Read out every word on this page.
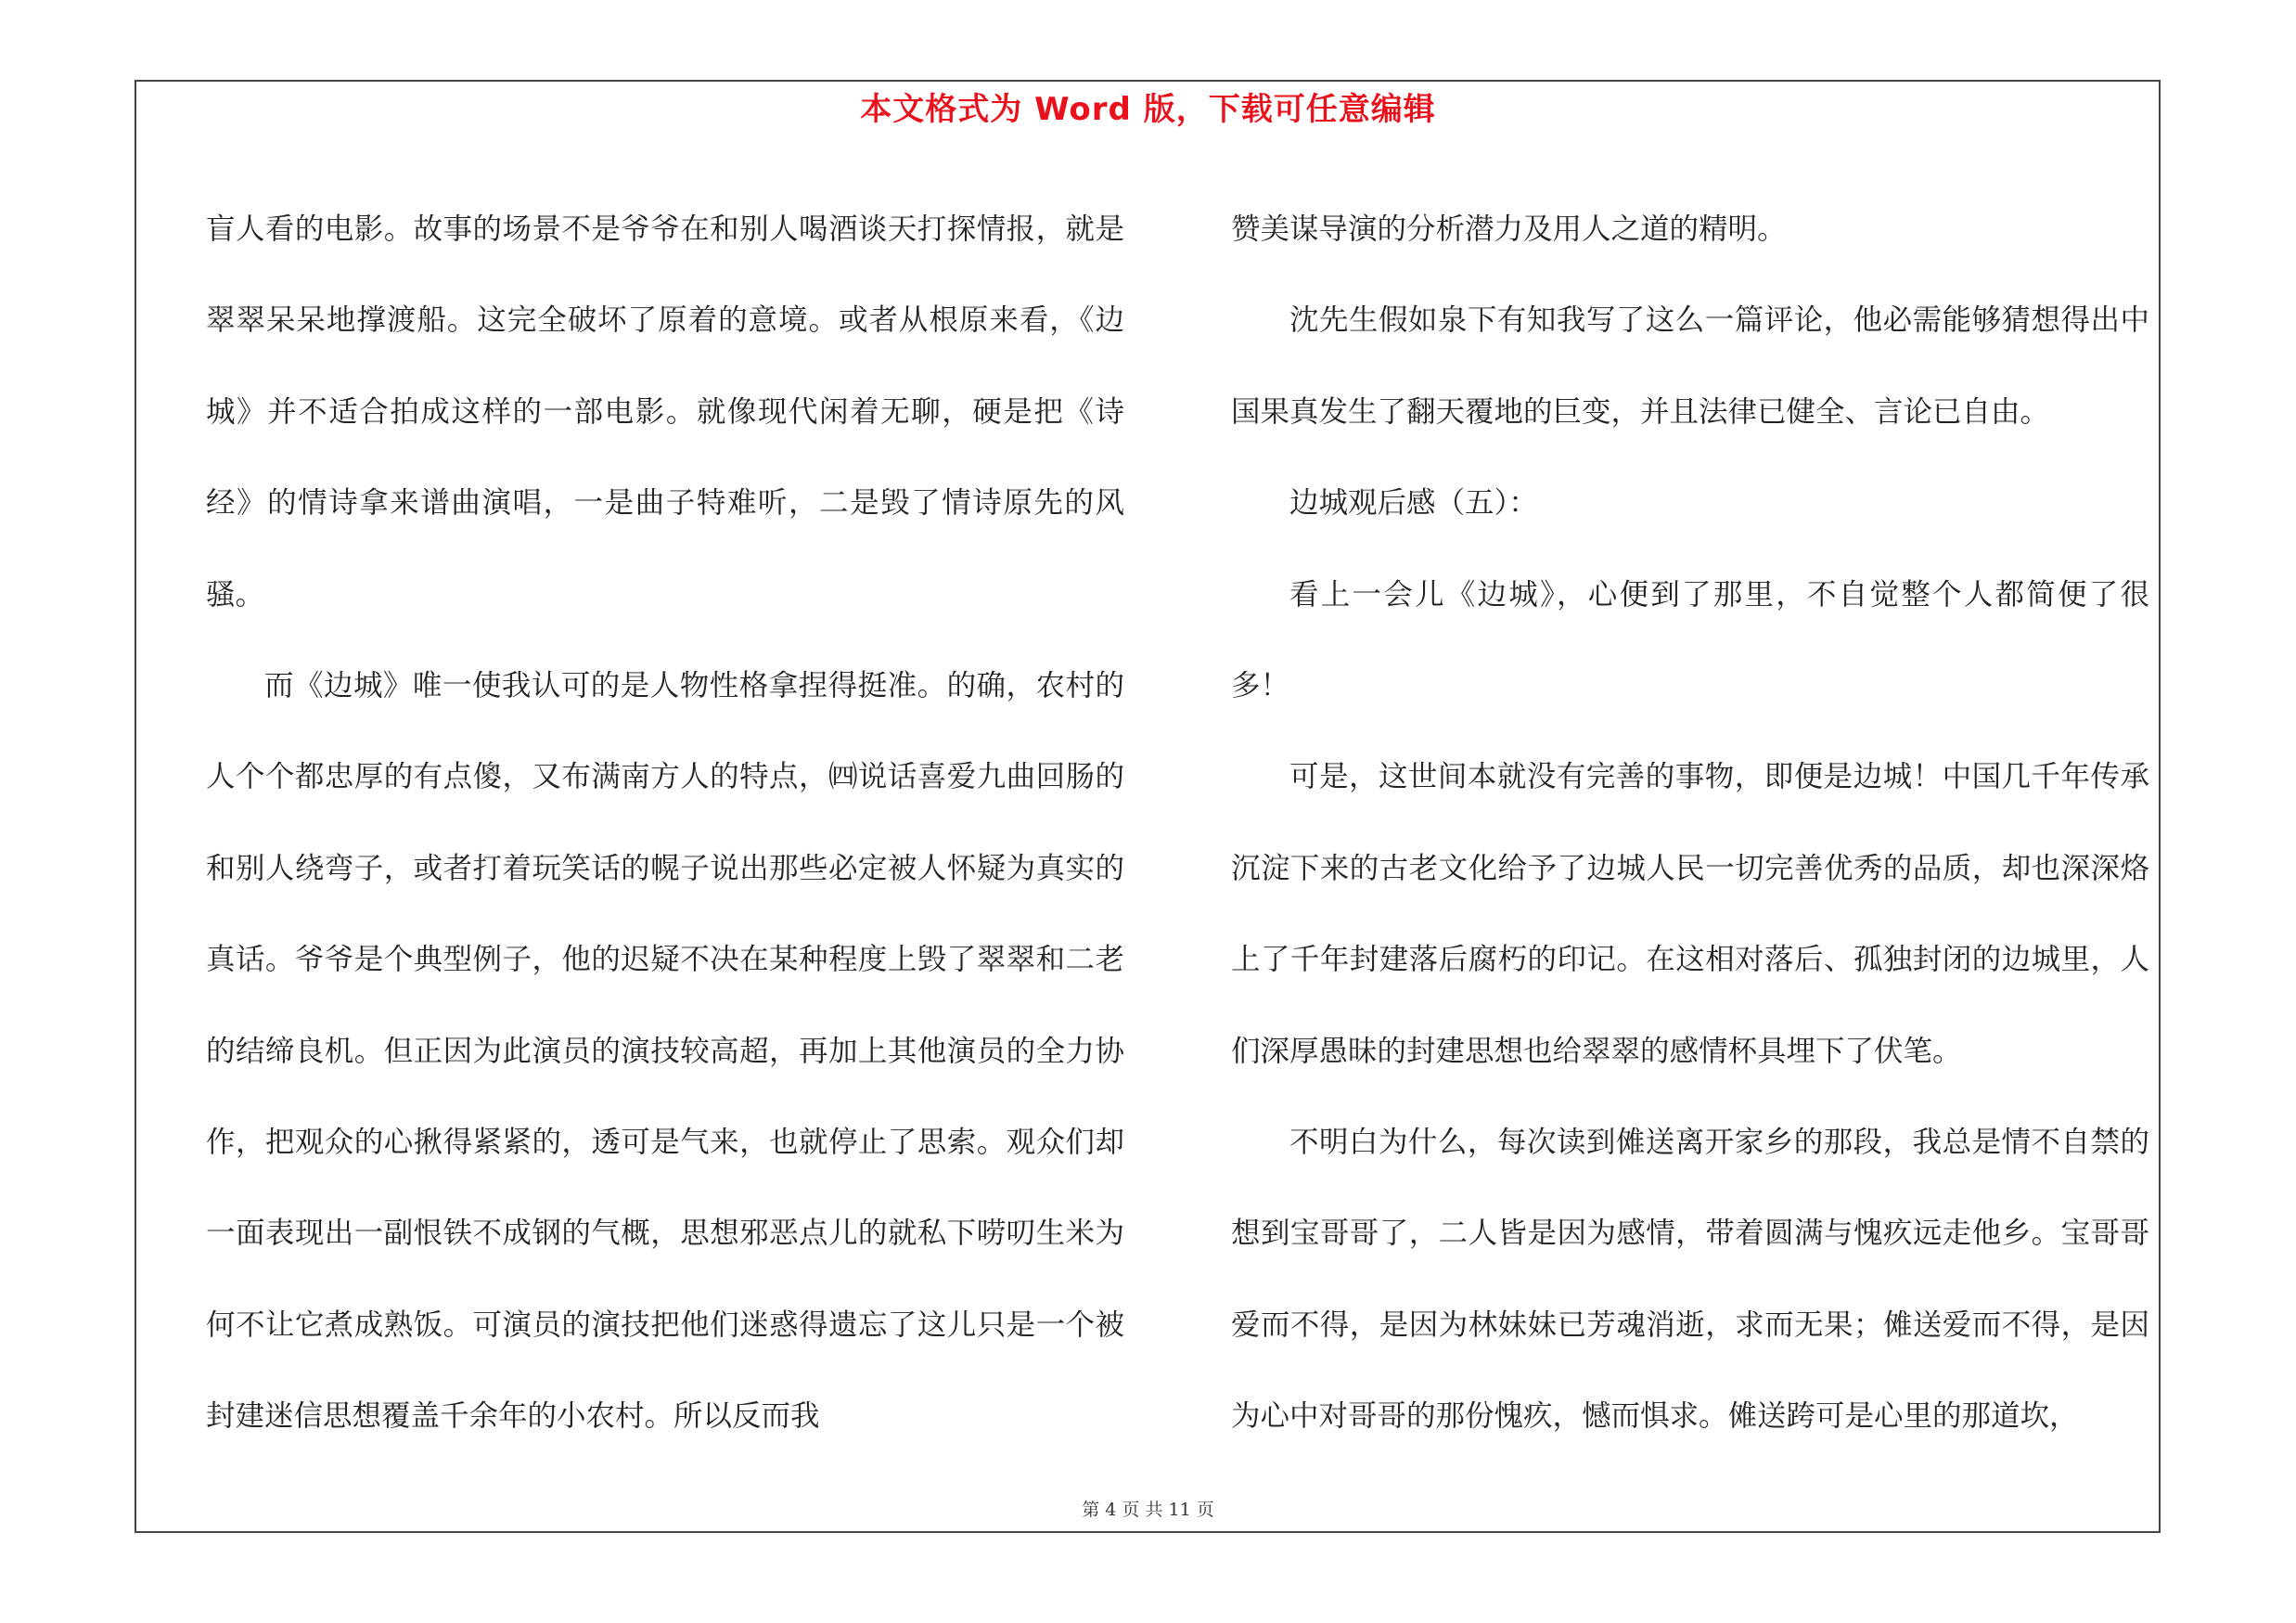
本文格式为 Word 版，下载可任意编辑

盲人看的电影。故事的场景不是爷爷在和别人喝酒谈天打探情报，就是翠翠呆呆地撑渡船。这完全破坏了原着的意境。或者从根原来看，《边城》并不适合拍成这样的一部电影。就像现代闲着无聊，硬是把《诗经》的情诗拿来谱曲演唱，一是曲子特难听，二是毁了情诗原先的风骚。

而《边城》唯一使我认可的是人物性格拿捏得挺准。的确，农村的人个个都忠厚的有点傻，又布满南方人的特点，㈣说话喜爱九曲回肠的和别人绕弯子，或者打着玩笑话的幌子说出那些必定被人怀疑为真实的真话。爷爷是个典型例子，他的迟疑不决在某种程度上毁了翠翠和二老的结缔良机。但正因为此演员的演技较高超，再加上其他演员的全力协作，把观众的心揪得紧紧的，透可是气来，也就停止了思索。观众们却一面表现出一副恨铁不成钢的气概，思想邪恶点儿的就私下唠叨生米为何不让它煮成熟饭。可演员的演技把他们迷惑得遗忘了这儿只是一个被封建迷信思想覆盖千余年的小农村。所以反而我

赞美谋导演的分析潜力及用人之道的精明。

沈先生假如泉下有知我写了这么一篇评论，他必需能够猜想得出中国果真发生了翻天覆地的巨变，并且法律已健全、言论已自由。

边城观后感（五）：

看上一会儿《边城》，心便到了那里，不自觉整个人都简便了很多！

可是，这世间本就没有完善的事物，即便是边城！中国几千年传承沉淀下来的古老文化给予了边城人民一切完善优秀的品质，却也深深烙上了千年封建落后腐朽的印记。在这相对落后、孤独封闭的边城里，人们深厚愚昧的封建思想也给翠翠的感情杯具埋下了伏笔。

不明白为什么，每次读到傩送离开家乡的那段，我总是情不自禁的想到宝哥哥了，二人皆是因为感情，带着圆满与愧疚远走他乡。宝哥哥爱而不得，是因为林妹妹已芳魂消逝，求而无果；傩送爱而不得，是因为心中对哥哥的那份愧疚，憾而惧求。傩送跨可是心里的那道坎，

第 4 页 共 11 页
